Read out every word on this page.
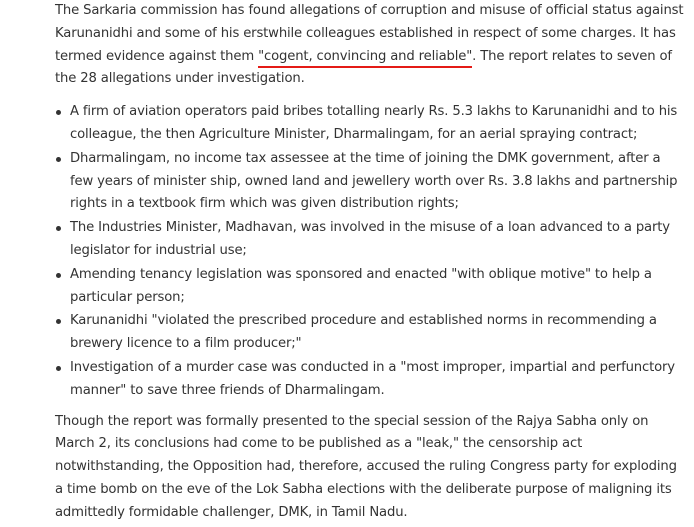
The Sarkaria commission has found allegations of corruption and misuse of official status against Karunanidhi and some of his erstwhile colleagues established in respect of some charges. It has termed evidence against them "cogent, convincing and reliable". The report relates to seven of the 28 allegations under investigation.

A firm of aviation operators paid bribes totalling nearly Rs. 5.3 lakhs to Karunanidhi and to his colleague, the then Agriculture Minister, Dharmalingam, for an aerial spraying contract;
Dharmalingam, no income tax assessee at the time of joining the DMK government, after a few years of minister ship, owned land and jewellery worth over Rs. 3.8 lakhs and partnership rights in a textbook firm which was given distribution rights;
The Industries Minister, Madhavan, was involved in the misuse of a loan advanced to a party legislator for industrial use;
Amending tenancy legislation was sponsored and enacted "with oblique motive" to help a particular person;
Karunanidhi "violated the prescribed procedure and established norms in recommending a brewery licence to a film producer;"
Investigation of a murder case was conducted in a "most improper, impartial and perfunctory manner" to save three friends of Dharmalingam.

Though the report was formally presented to the special session of the Rajya Sabha only on March 2, its conclusions had come to be published as a "leak," the censorship act notwithstanding, the Opposition had, therefore, accused the ruling Congress party for exploding a time bomb on the eve of the Lok Sabha elections with the deliberate purpose of maligning its admittedly formidable challenger, DMK, in Tamil Nadu.
